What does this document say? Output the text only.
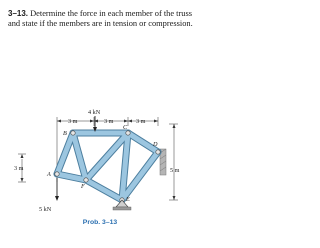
3–13. Determine the force in each member of the truss and state if the members are in tension or compression.
4 kN
5 kN
3 m	3 m	3 m
3 m	5 m
A
B
C
D
E
F
Prob. 3–13
